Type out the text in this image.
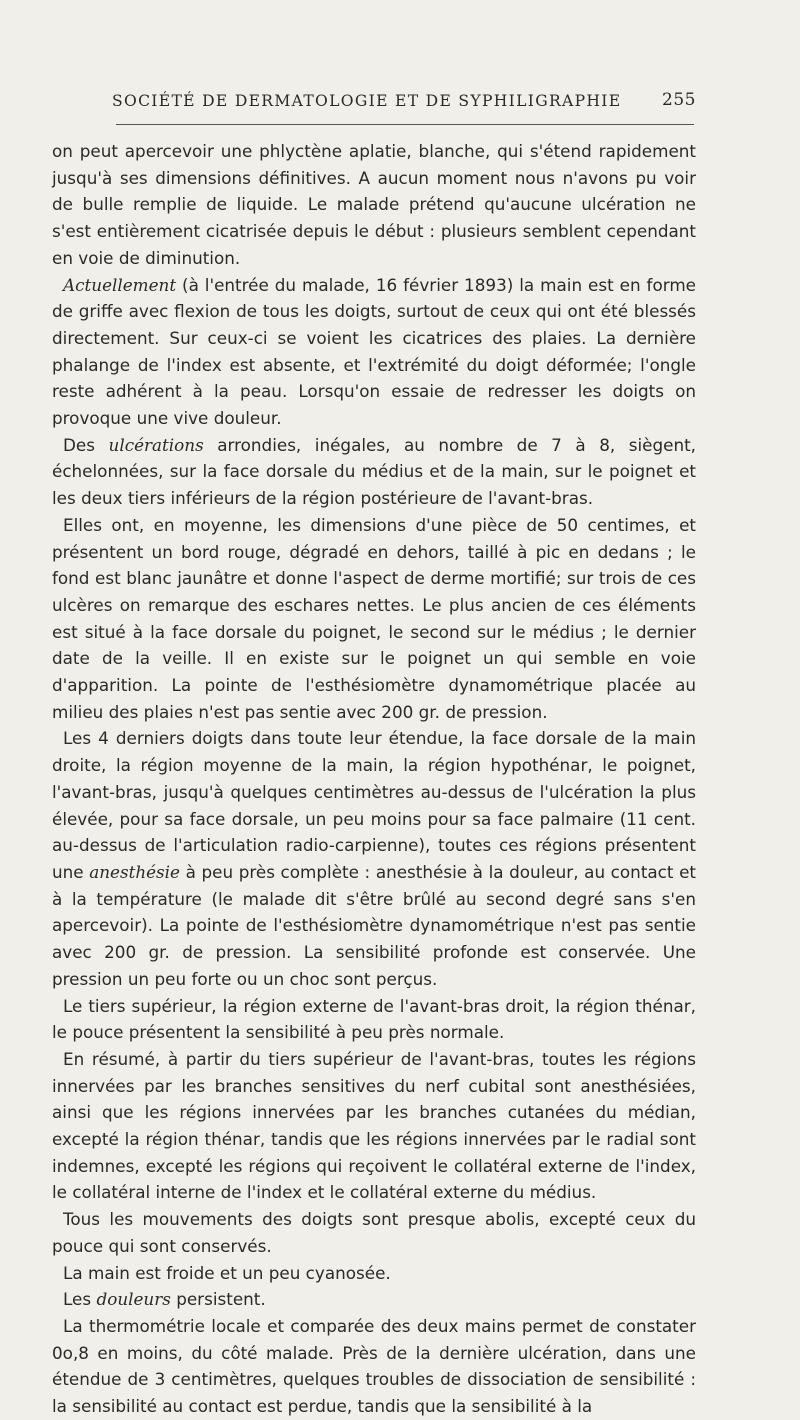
SOCIÉTÉ DE DERMATOLOGIE ET DE SYPHILIGRAPHIE 255

on peut apercevoir une phlyctène aplatie, blanche, qui s'étend rapidement jusqu'à ses dimensions définitives. A aucun moment nous n'avons pu voir de bulle remplie de liquide. Le malade prétend qu'aucune ulcération ne s'est entièrement cicatrisée depuis le début : plusieurs semblent cependant en voie de diminution.

Actuellement (à l'entrée du malade, 16 février 1893) la main est en forme de griffe avec flexion de tous les doigts, surtout de ceux qui ont été blessés directement. Sur ceux-ci se voient les cicatrices des plaies. La dernière phalange de l'index est absente, et l'extrémité du doigt déformée; l'ongle reste adhérent à la peau. Lorsqu'on essaie de redresser les doigts on provoque une vive douleur.

Des ulcérations arrondies, inégales, au nombre de 7 à 8, siègent, échelonnées, sur la face dorsale du médius et de la main, sur le poignet et les deux tiers inférieurs de la région postérieure de l'avant-bras.

Elles ont, en moyenne, les dimensions d'une pièce de 50 centimes, et présentent un bord rouge, dégradé en dehors, taillé à pic en dedans ; le fond est blanc jaunâtre et donne l'aspect de derme mortifié; sur trois de ces ulcères on remarque des eschares nettes. Le plus ancien de ces éléments est situé à la face dorsale du poignet, le second sur le médius ; le dernier date de la veille. Il en existe sur le poignet un qui semble en voie d'apparition. La pointe de l'esthésiomètre dynamométrique placée au milieu des plaies n'est pas sentie avec 200 gr. de pression.

Les 4 derniers doigts dans toute leur étendue, la face dorsale de la main droite, la région moyenne de la main, la région hypothénar, le poignet, l'avant-bras, jusqu'à quelques centimètres au-dessus de l'ulcération la plus élevée, pour sa face dorsale, un peu moins pour sa face palmaire (11 cent. au-dessus de l'articulation radio-carpienne), toutes ces régions présentent une anesthésie à peu près complète : anesthésie à la douleur, au contact et à la température (le malade dit s'être brûlé au second degré sans s'en apercevoir). La pointe de l'esthésiomètre dynamométrique n'est pas sentie avec 200 gr. de pression. La sensibilité profonde est conservée. Une pression un peu forte ou un choc sont perçus.

Le tiers supérieur, la région externe de l'avant-bras droit, la région thénar, le pouce présentent la sensibilité à peu près normale.

En résumé, à partir du tiers supérieur de l'avant-bras, toutes les régions innervées par les branches sensitives du nerf cubital sont anesthésiées, ainsi que les régions innervées par les branches cutanées du médian, excepté la région thénar, tandis que les régions innervées par le radial sont indemnes, excepté les régions qui reçoivent le collatéral externe de l'index, le collatéral interne de l'index et le collatéral externe du médius.

Tous les mouvements des doigts sont presque abolis, excepté ceux du pouce qui sont conservés.

La main est froide et un peu cyanosée.

Les douleurs persistent.

La thermométrie locale et comparée des deux mains permet de constater 0o,8 en moins, du côté malade. Près de la dernière ulcération, dans une étendue de 3 centimètres, quelques troubles de dissociation de sensibilité : la sensibilité au contact est perdue, tandis que la sensibilité à la
